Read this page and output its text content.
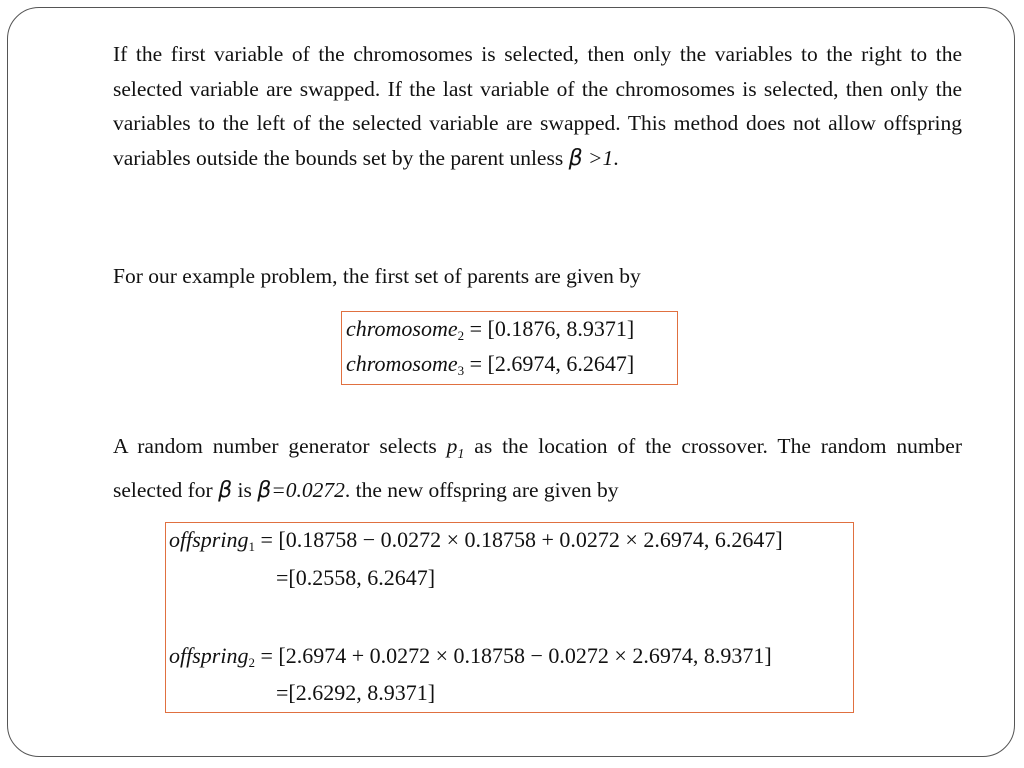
If the first variable of the chromosomes is selected, then only the variables to the right to the selected variable are swapped. If the last variable of the chromosomes is selected, then only the variables to the left of the selected variable are swapped. This method does not allow offspring variables outside the bounds set by the parent unless β >1.

For our example problem, the first set of parents are given by

chromosome$_2$ = [0.1876, 8.9371]
chromosome$_3$ = [2.6974, 6.2647]

A random number generator selects $p_1$ as the location of the crossover. The random number selected for β is β=0.0272. the new offspring are given by

offspring$_1$ = [0.18758 − 0.0272 × 0.18758 + 0.0272 × 2.6974, 6.2647]
=[0.2558, 6.2647]
offspring$_2$ = [2.6974 + 0.0272 × 0.18758 − 0.0272 × 2.6974, 8.9371]
=[2.6292, 8.9371]
